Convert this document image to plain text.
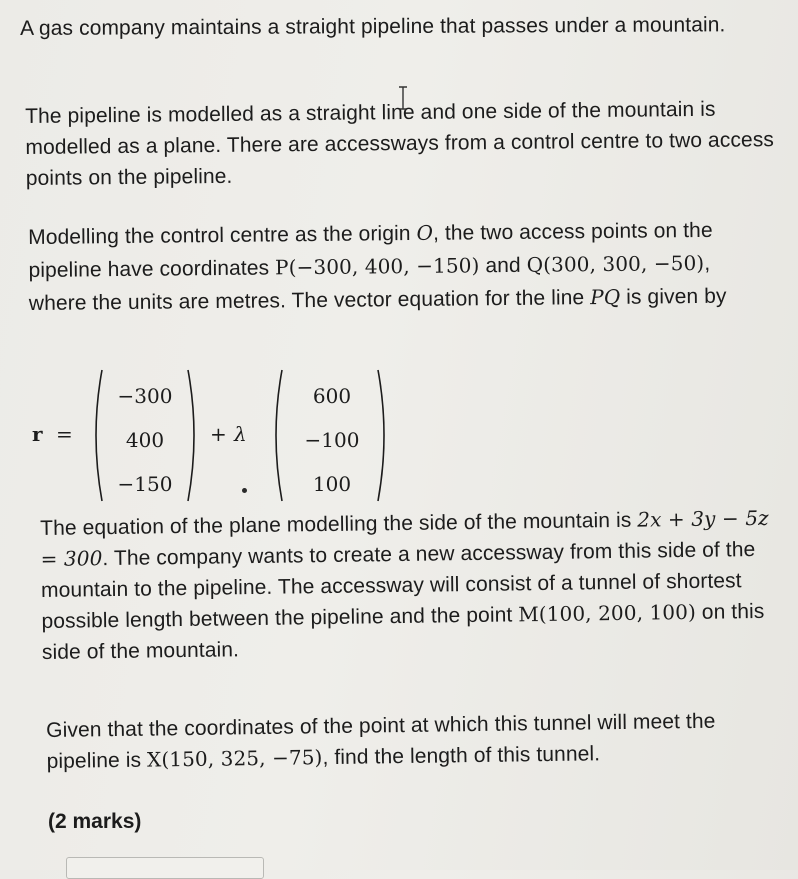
A gas company maintains a straight pipeline that passes under a mountain.
The pipeline is modelled as a straight line and one side of the mountain is modelled as a plane. There are accessways from a control centre to two access points on the pipeline.
Modelling the control centre as the origin O, the two access points on the pipeline have coordinates P(−300, 400, −150) and Q(300, 300, −50), where the units are metres. The vector equation for the line PQ is given by
r =
−300
400
−150
+ λ
600
−100
100
The equation of the plane modelling the side of the mountain is 2x + 3y − 5z = 300. The company wants to create a new accessway from this side of the mountain to the pipeline. The accessway will consist of a tunnel of shortest possible length between the pipeline and the point M(100, 200, 100) on this side of the mountain.
Given that the coordinates of the point at which this tunnel will meet the pipeline is X(150, 325, −75), find the length of this tunnel.
(2 marks)
